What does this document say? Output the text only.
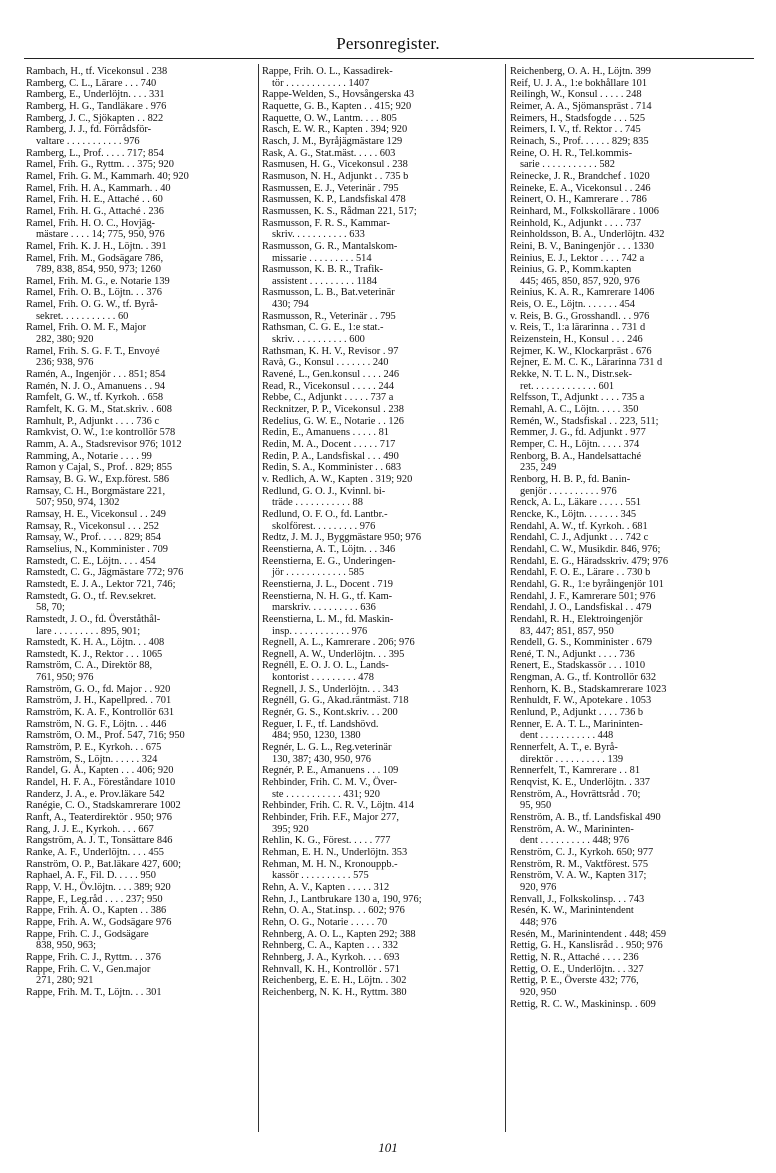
Personregister.
Rambach, H., tf. Vicekonsul . 238
Ramberg, C. L., Lärare . . . 740
Ramberg, E., Underlöjtn. . . . 331
Ramberg, H. G., Tandläkare . 976
Ramberg, J. C., Sjökapten . . 822
Ramberg, J. J., fd. Förrådsför-
valtare . . . . . . . . . . . 976
Ramberg, L., Prof. . . . . 717; 854
Ramel, Frih. G., Ryttm. . . 375; 920
Ramel, Frih. G. M., Kammarh. 40; 920
Ramel, Frih. H. A., Kammarh. . 40
Ramel, Frih. H. E., Attaché . . 60
Ramel, Frih. H. G., Attaché . 236
Ramel, Frih. H. O. C., Hovjäg-
mästare . . . . 14; 775, 950, 976
Ramel, Frih. K. J. H., Löjtn. . 391
Ramel, Frih. M., Godsägare 786,
789, 838, 854, 950, 973; 1260
Ramel, Frih. M. G., e. Notarie 139
Ramel, Frih. O. B., Löjtn. . . 376
Ramel, Frih. O. G. W., tf. Byrå-
sekret. . . . . . . . . . . 60
Ramel, Frih. O. M. F., Major
282, 380; 920
Ramel, Frih. S. G. F. T., Envoyé
236; 938, 976
Ramén, A., Ingenjör . . . 851; 854
Ramén, N. J. O., Amanuens . . 94
Ramfelt, G. W., tf. Kyrkoh. . 658
Ramfelt, K. G. M., Stat.skriv. . 608
Ramhult, P., Adjunkt . . . . 736 c
Ramkvist, O. W., 1:e kontrollör 578
Ramm, A. A., Stadsrevisor 976; 1012
Ramming, A., Notarie . . . . 99
Ramon y Cajal, S., Prof. . 829; 855
Ramsay, B. G. W., Exp.förest. 586
Ramsay, C. H., Borgmästare 221,
507; 950, 974, 1302
Ramsay, H. E., Vicekonsul . . 249
Ramsay, R., Vicekonsul . . . 252
Ramsay, W., Prof. . . . . 829; 854
Ramselius, N., Komminister . 709
Ramstedt, C. E., Löjtn. . . . 454
Ramstedt, C. G., Jägmästare 772; 976
Ramstedt, E. J. A., Lektor 721, 746;
Ramstedt, G. O., tf. Rev.sekret.
58, 70;
Ramstedt, J. O., fd. Överståthål-
lare . . . . . . . . . 895, 901;
Ramstedt, K. H. A., Löjtn. . . 408
Ramstedt, K. J., Rektor . . . 1065
Ramström, C. A., Direktör 88,
761, 950; 976
Ramström, G. O., fd. Major . . 920
Ramström, J. H., Kapellpred. . 701
Ramström, K. A. F., Kontrollör 631
Ramström, N. G. F., Löjtn. . . 446
Ramström, O. M., Prof. 547, 716; 950
Ramström, P. E., Kyrkoh. . . 675
Ramström, S., Löjtn. . . . . . 324
Randel, G. Å., Kapten . . . 406; 920
Randel, H. F. A., Föreståndare 1010
Randerz, J. A., e. Prov.läkare 542
Ranégie, C. O., Stadskamrerare 1002
Ranft, A., Teaterdirektör . 950; 976
Rang, J. J. E., Kyrkoh. . . . 667
Rangström, A. J. T., Tonsättare 846
Ranke, A. F., Underlöjtn. . . . 455
Ranström, O. P., Bat.läkare 427, 600;
Raphael, A. F., Fil. D. . . . . 950
Rapp, V. H., Öv.löjtn. . . . 389; 920
Rappe, F., Leg.råd . . . . 237; 950
Rappe, Frih. A. O., Kapten . . 386
Rappe, Frih. A. W., Godsägare 976
Rappe, Frih. C. J., Godsägare
838, 950, 963;
Rappe, Frih. C. J., Ryttm. . . 376
Rappe, Frih. C. V., Gen.major
271, 280; 921
Rappe, Frih. M. T., Löjtn. . . 301
Rappe, Frih. O. L., Kassadirek-
tör . . . . . . . . . . . . 1407
Rappe-Welden, S., Hovsångerska 43
Raquette, G. B., Kapten . . 415; 920
Raquette, O. W., Lantm. . . . 805
Rasch, E. W. R., Kapten . 394; 920
Rasch, J. M., Byråjägmästare 129
Rask, A. G., Stat.mäst. . . . . 603
Rasmusen, H. G., Vicekonsul . 238
Rasmuson, N. H., Adjunkt . . 735 b
Rasmussen, E. J., Veterinär . 795
Rasmussen, K. P., Landsfiskal 478
Rasmussen, K. S., Rådman 221, 517;
Rasmusson, F. R. S., Kammar-
skriv. . . . . . . . . . . 633
Rasmusson, G. R., Mantalskom-
missarie . . . . . . . . . 514
Rasmusson, K. B. R., Trafik-
assistent . . . . . . . . . 1184
Rasmusson, L. B., Bat.veterinär
430; 794
Rasmusson, R., Veterinär . . 795
Rathsman, C. G. E., 1:e stat.-
skriv. . . . . . . . . . . 600
Rathsman, K. H. V., Revisor . 97
Ravà, G., Konsul . . . . . . . 240
Ravené, L., Gen.konsul . . . . 246
Read, R., Vicekonsul . . . . . 244
Rebbe, C., Adjunkt . . . . . 737 a
Recknitzer, P. P., Vicekonsul . 238
Redelius, G. W. E., Notarie . . 126
Redin, E., Amanuens . . . . . 81
Redin, M. A., Docent . . . . . 717
Redin, P. A., Landsfiskal . . . 490
Redin, S. A., Komminister . . 683
v. Redlich, A. W., Kapten . 319; 920
Redlund, G. O. J., Kvinnl. bi-
träde . . . . . . . . . . . 88
Redlund, O. F. O., fd. Lantbr.-
skolförest. . . . . . . . . 976
Redtz, J. M. J., Byggmästare 950; 976
Reenstierna, A. T., Löjtn. . . 346
Reenstierna, E. G., Underingen-
jör . . . . . . . . . . . . 585
Reenstierna, J. L., Docent . 719
Reenstierna, N. H. G., tf. Kam-
marskriv. . . . . . . . . . 636
Reenstierna, L. M., fd. Maskin-
insp. . . . . . . . . . . . 976
Regnell, A. L., Kamrerare . 206; 976
Regnell, A. W., Underlöjtn. . . 395
Regnéll, E. O. J. O. L., Lands-
kontorist . . . . . . . . . 478
Regnell, J. S., Underlöjtn. . . 343
Regnéll, G. G., Akad.räntmäst. 718
Regnér, G. S., Kont.skriv. . . 200
Reguer, I. F., tf. Landshövd.
484; 950, 1230, 1380
Regnér, L. G. L., Reg.veterinär
130, 387; 430, 950, 976
Regnér, P. E., Amanuens . . . 109
Rehbinder, Frih. C. M. V., Över-
ste . . . . . . . . . . . 431; 920
Rehbinder, Frih. C. R. V., Löjtn. 414
Rehbinder, Frih. F.F., Major 277,
395; 920
Rehlin, K. G., Förest. . . . . 777
Rehman, E. H. N., Underlöjtn. 353
Rehman, M. H. N., Kronouppb.-
kassör . . . . . . . . . . 575
Rehn, A. V., Kapten . . . . . 312
Rehn, J., Lantbrukare 130 a, 190, 976;
Rehn, O. A., Stat.insp. . . 602; 976
Rehn, O. G., Notarie . . . . . 70
Rehnberg, A. O. L., Kapten 292; 388
Rehnberg, C. A., Kapten . . . 332
Rehnberg, J. A., Kyrkoh. . . . 693
Rehnvall, K. H., Kontrollör . 571
Reichenberg, E. E. H., Löjtn. . 302
Reichenberg, N. K. H., Ryttm. 380
Reichenberg, O. A. H., Löjtn. 399
Reif, U. J. A., 1:e bokhållare 101
Reilingh, W., Konsul . . . . . 248
Reimer, A. A., Sjömanspräst . 714
Reimers, H., Stadsfogde . . . 525
Reimers, I. V., tf. Rektor . . 745
Reinach, S., Prof. . . . . . 829; 835
Reine, O. H. R., Tel.kommis-
sarie . . . . . . . . . . . 582
Reinecke, J. R., Brandchef . 1020
Reineke, E. A., Vicekonsul . . 246
Reinert, O. H., Kamrerare . . 786
Reinhard, M., Folkskollärare . 1006
Reinhold, K., Adjunkt . . . . 737
Reinholdsson, B. A., Underlöjtn. 432
Reini, B. V., Baningenjör . . . 1330
Reinius, E. J., Lektor . . . . 742 a
Reinius, G. P., Komm.kapten
445; 465, 850, 857, 920, 976
Reinius, K. A. R., Kamrerare 1406
Reis, O. E., Löjtn. . . . . . . 454
v. Reis, B. G., Grosshandl. . . 976
v. Reis, T., 1:a lärarinna . . 731 d
Reizenstein, H., Konsul . . . 246
Rejmer, K. W., Klockarpräst . 676
Rejner, E. M. C. K., Lärarinna 731 d
Rekke, N. T. L. N., Distr.sek-
ret. . . . . . . . . . . . . 601
Relfsson, T., Adjunkt . . . . 735 a
Remahl, A. C., Löjtn. . . . . 350
Remén, W., Stadsfiskal . . 223, 511;
Remmer, J. G., fd. Adjunkt . 977
Remper, C. H., Löjtn. . . . . 374
Renborg, B. A., Handelsattaché
235, 249
Renborg, H. B. P., fd. Banin-
genjör . . . . . . . . . . 976
Renck, A. L., Läkare . . . . . 551
Rencke, K., Löjtn. . . . . . . 345
Rendahl, A. W., tf. Kyrkoh. . 681
Rendahl, C. J., Adjunkt . . . 742 c
Rendahl, C. W., Musikdir. 846, 976;
Rendahl, E. G., Häradsskriv. 479; 976
Rendahl, F. O. E., Lärare . . 730 b
Rendahl, G. R., 1:e byråingenjör 101
Rendahl, J. F., Kamrerare 501; 976
Rendahl, J. O., Landsfiskal . . 479
Rendahl, R. H., Elektroingenjör
83, 447; 851, 857, 950
Rendell, G. S., Komminister . 679
René, T. N., Adjunkt . . . . 736
Renert, E., Stadskassör . . . 1010
Rengman, A. G., tf. Kontrollör 632
Renhorn, K. B., Stadskamrerare 1023
Renhuldt, F. W., Apotekare . 1053
Renlund, P., Adjunkt . . . . 736 b
Renner, E. A. T. L., Marininten-
dent . . . . . . . . . . . 448
Rennerfelt, A. T., e. Byrå-
direktör . . . . . . . . . . 139
Rennerfelt, T., Kamrerare . . 81
Renqvist, K. E., Underlöjtn. . 337
Renström, A., Hovrättsråd . 70;
95, 950
Renström, A. B., tf. Landsfiskal 490
Renström, A. W., Marininten-
dent . . . . . . . . . . 448; 976
Renström, C. J., Kyrkoh. 650; 977
Renström, R. M., Vaktförest. 575
Renström, V. A. W., Kapten 317;
920, 976
Renvall, J., Folkskolinsp. . . 743
Resén, K. W., Marinintendent
448; 976
Resén, M., Marinintendent . 448; 459
Rettig, G. H., Kanslisråd . . 950; 976
Rettig, N. R., Attaché . . . . 236
Rettig, O. E., Underlöjtn. . . 327
Rettig, P. E., Överste 432; 776,
920, 950
Rettig, R. C. W., Maskininsp. . 609
101
